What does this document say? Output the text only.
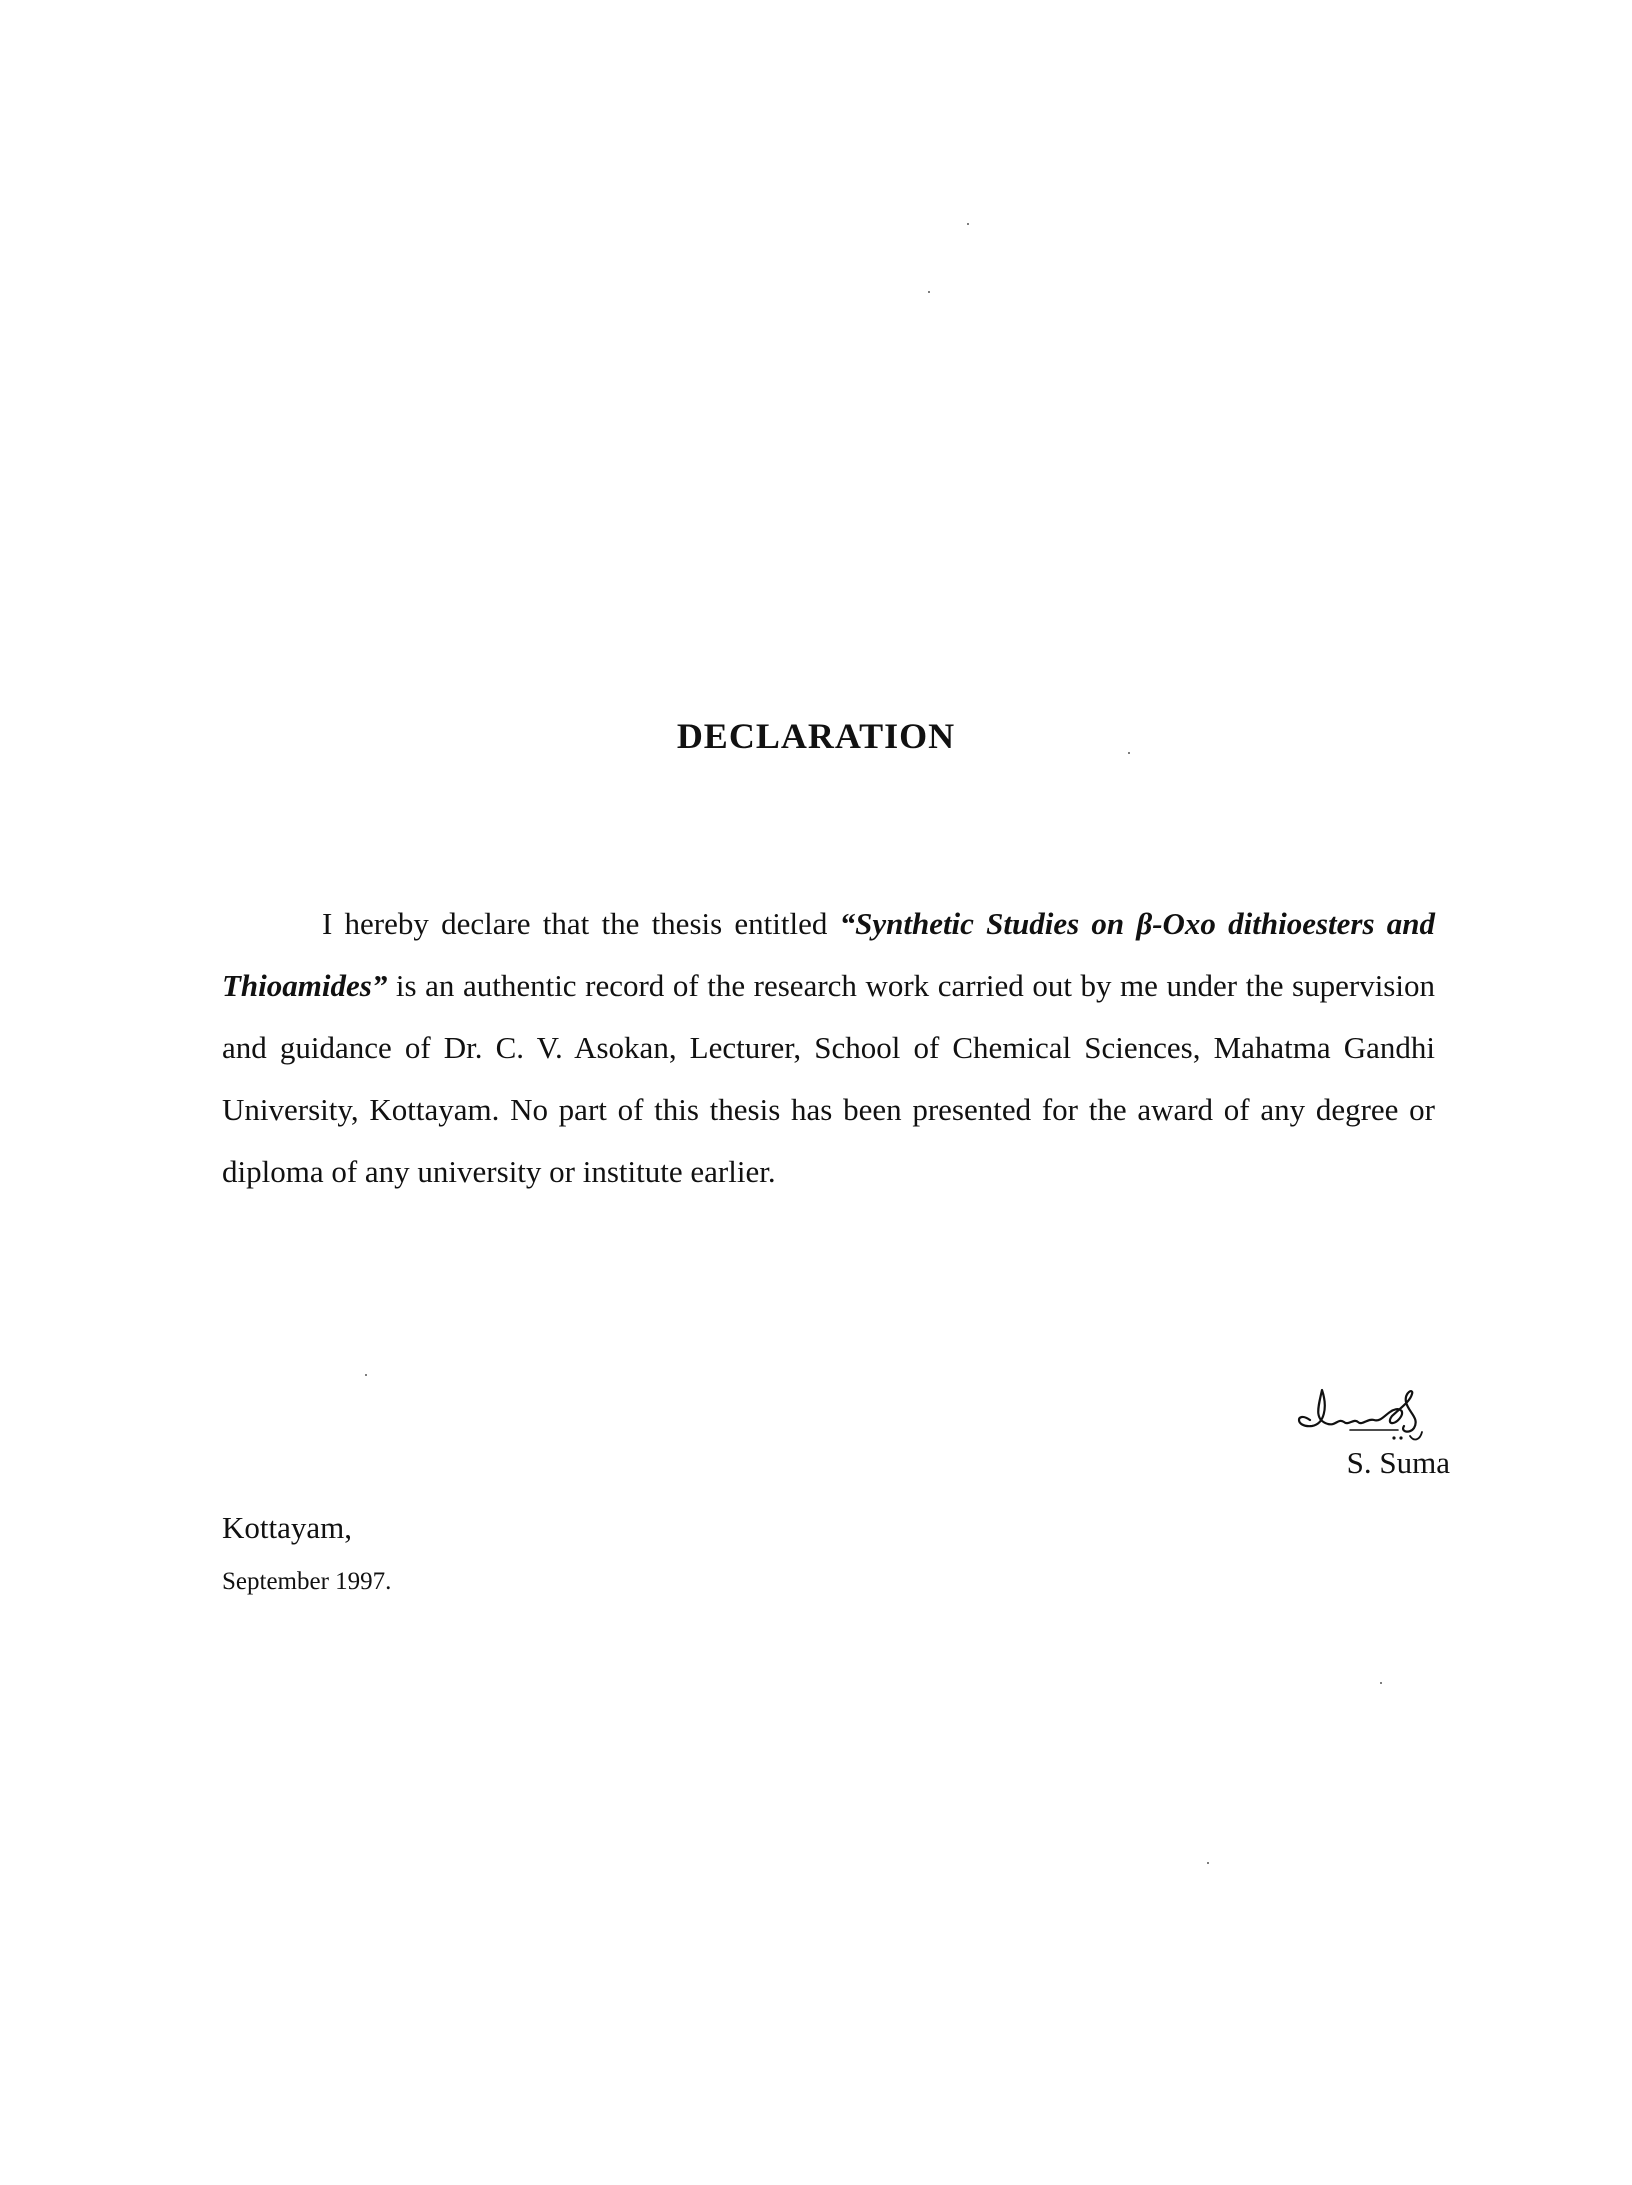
DECLARATION

I hereby declare that the thesis entitled “Synthetic Studies on β-Oxo dithioesters and Thioamides” is an authentic record of the research work carried out by me under the supervision and guidance of Dr. C. V. Asokan, Lecturer, School of Chemical Sciences, Mahatma Gandhi University, Kottayam. No part of this thesis has been presented for the award of any degree or diploma of any university or institute earlier.

S. Suma

Kottayam,

September 1997.
